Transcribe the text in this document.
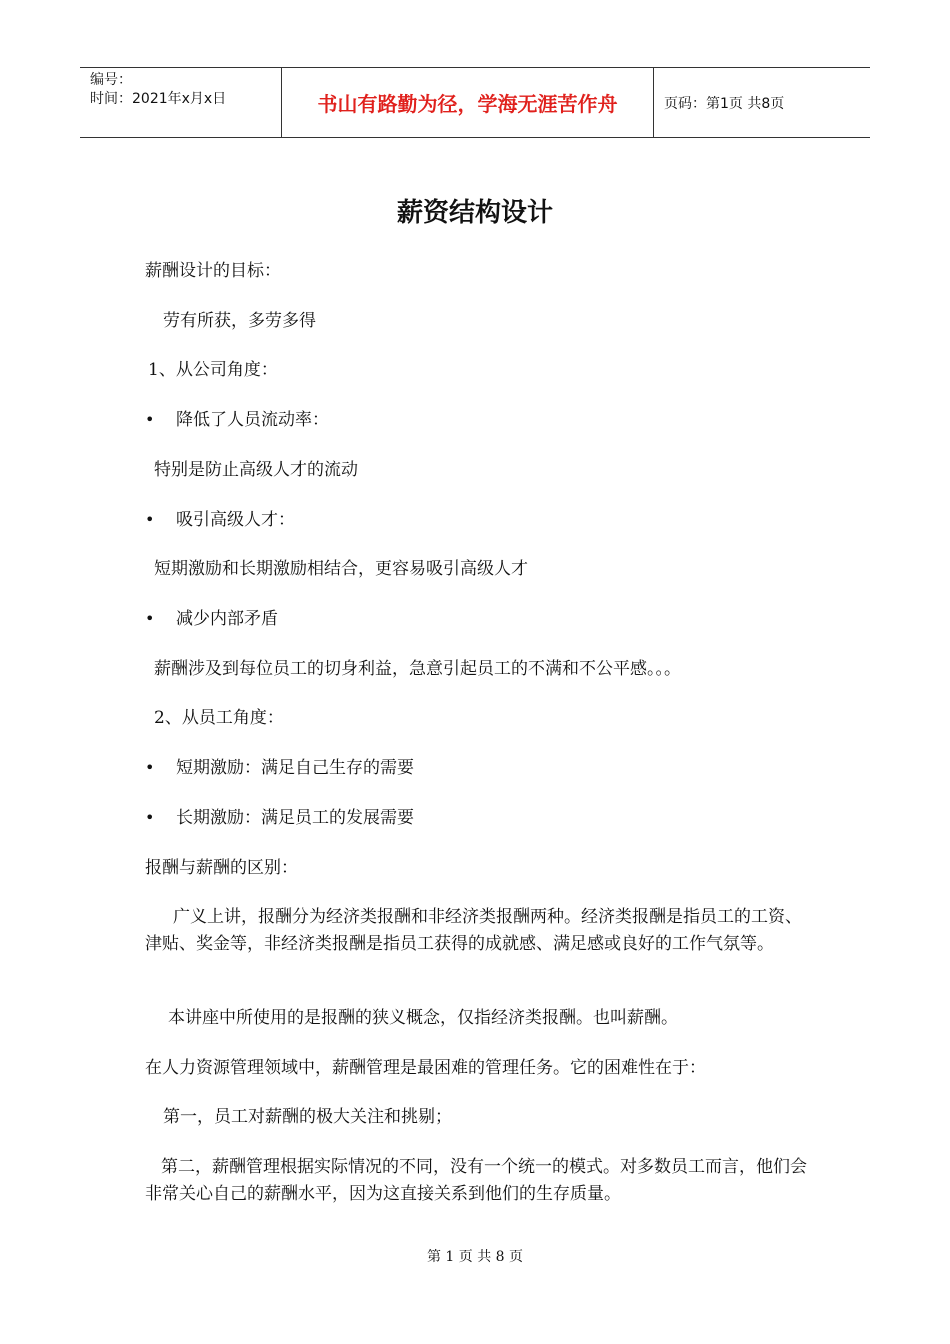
编号：
时间：2021年x月x日	书山有路勤为径，学海无涯苦作舟	页码：第1页 共8页
薪资结构设计
薪酬设计的目标：
劳有所获，多劳多得
1、从公司角度：
• 降低了人员流动率：
特别是防止高级人才的流动
• 吸引高级人才：
短期激励和长期激励相结合，更容易吸引高级人才
• 减少内部矛盾
薪酬涉及到每位员工的切身利益，急意引起员工的不满和不公平感。。。
2、从员工角度：
• 短期激励：满足自己生存的需要
• 长期激励：满足员工的发展需要
报酬与薪酬的区别：
广义上讲，报酬分为经济类报酬和非经济类报酬两种。经济类报酬是指员工的工资、津贴、奖金等，非经济类报酬是指员工获得的成就感、满足感或良好的工作气氛等。
本讲座中所使用的是报酬的狭义概念，仅指经济类报酬。也叫薪酬。
在人力资源管理领域中，薪酬管理是最困难的管理任务。它的困难性在于：
第一，员工对薪酬的极大关注和挑剔；
第二，薪酬管理根据实际情况的不同，没有一个统一的模式。对多数员工而言，他们会非常关心自己的薪酬水平，因为这直接关系到他们的生存质量。
第 1 页 共 8 页
